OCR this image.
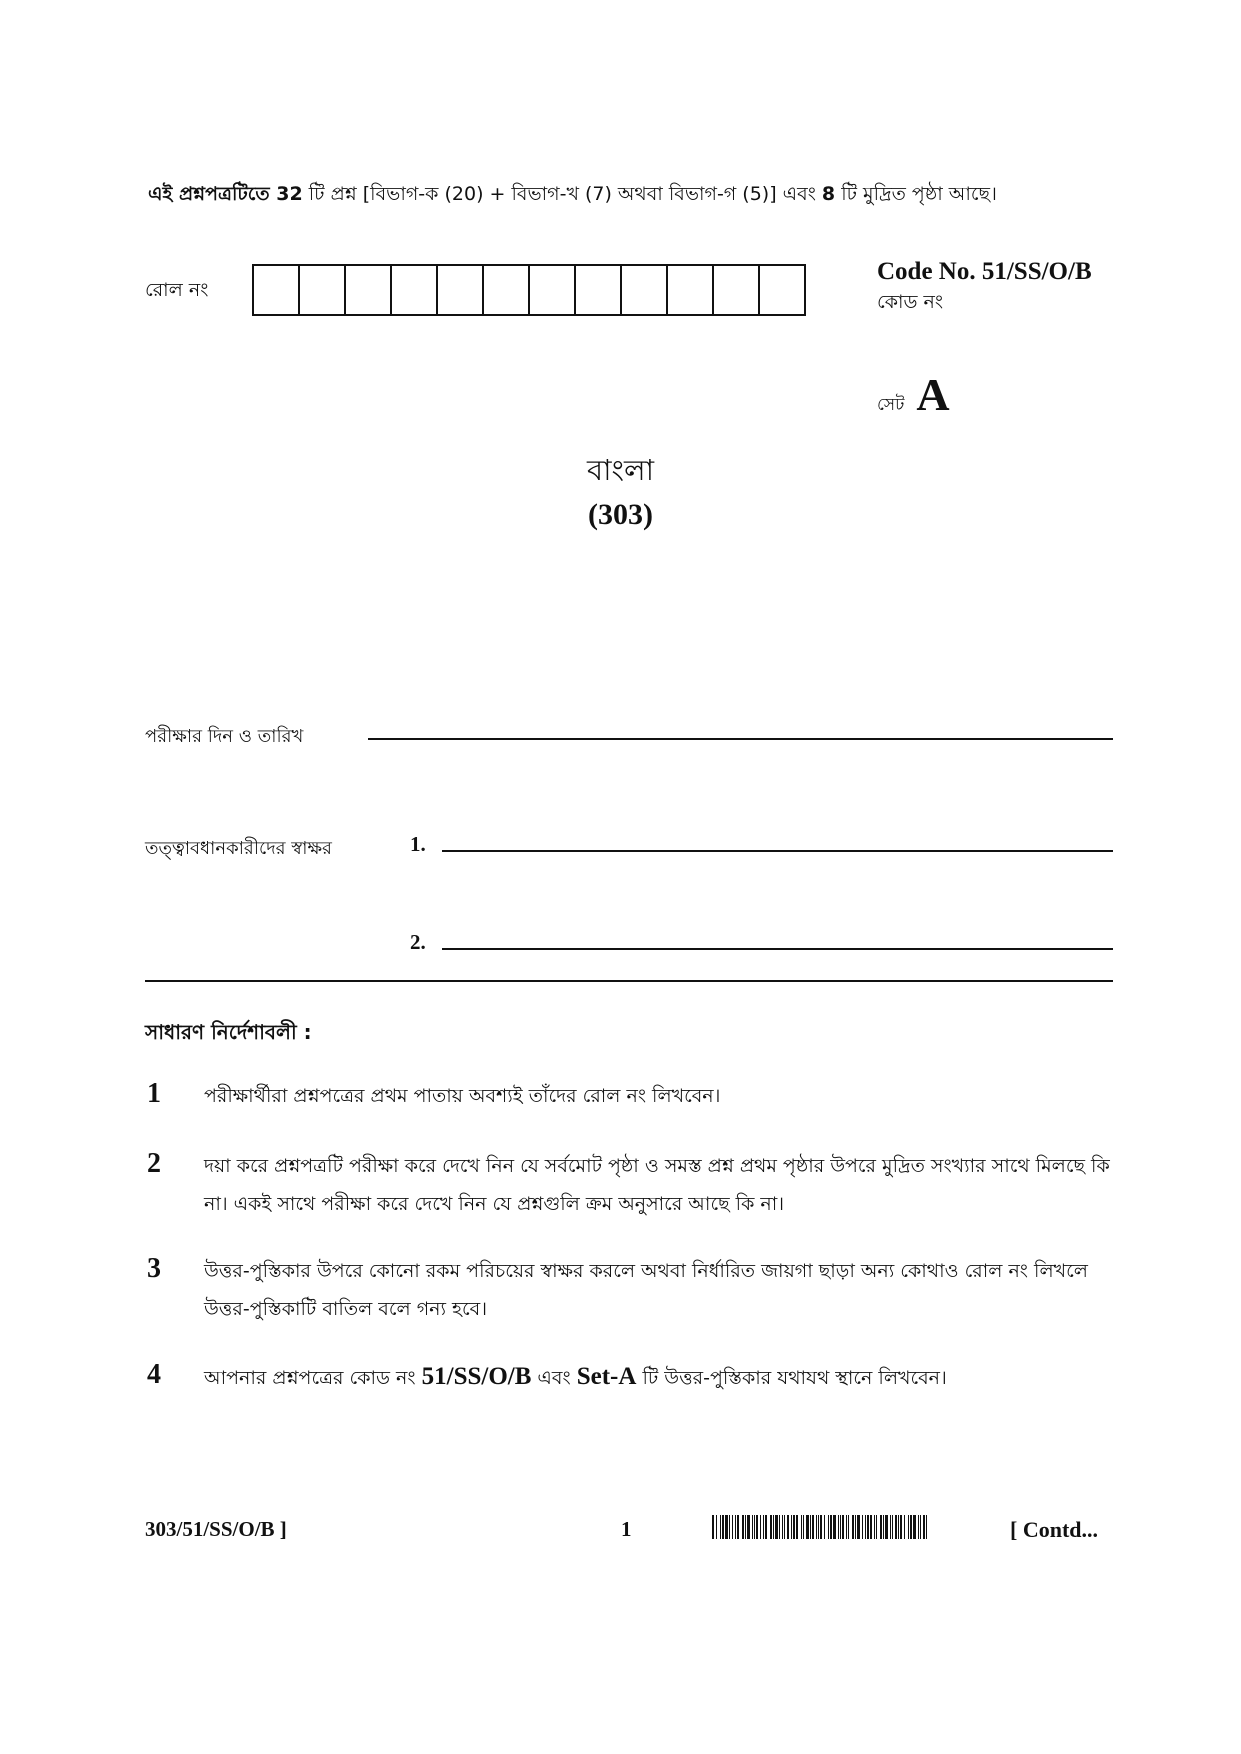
এই প্রশ্নপত্রটিতে 32 টি প্রশ্ন [বিভাগ-ক (20) + বিভাগ-খ (7) অথবা বিভাগ-গ (5)] এবং 8 টি মুদ্রিত পৃষ্ঠা আছে।
রোল নং
Code No. 51/SS/O/B
কোড নং
সেট A
বাংলা
(303)
পরীক্ষার দিন ও তারিখ
তত্ত্বাবধানকারীদের স্বাক্ষর	1.
2.
সাধারণ নির্দেশাবলী :
1 পরীক্ষার্থীরা প্রশ্নপত্রের প্রথম পাতায় অবশ্যই তাঁদের রোল নং লিখবেন।
2 দয়া করে প্রশ্নপত্রটি পরীক্ষা করে দেখে নিন যে সর্বমোট পৃষ্ঠা ও সমস্ত প্রশ্ন প্রথম পৃষ্ঠার উপরে মুদ্রিত সংখ্যার সাথে মিলছে কি না। একই সাথে পরীক্ষা করে দেখে নিন যে প্রশ্নগুলি ক্রম অনুসারে আছে কি না।
3 উত্তর-পুস্তিকার উপরে কোনো রকম পরিচয়ের স্বাক্ষর করলে অথবা নির্ধারিত জায়গা ছাড়া অন্য কোথাও রোল নং লিখলে উত্তর-পুস্তিকাটি বাতিল বলে গন্য হবে।
4 আপনার প্রশ্নপত্রের কোড নং 51/SS/O/B এবং Set-A টি উত্তর-পুস্তিকার যথাযথ স্থানে লিখবেন।
303/51/SS/O/B ]	1	[ Contd...
